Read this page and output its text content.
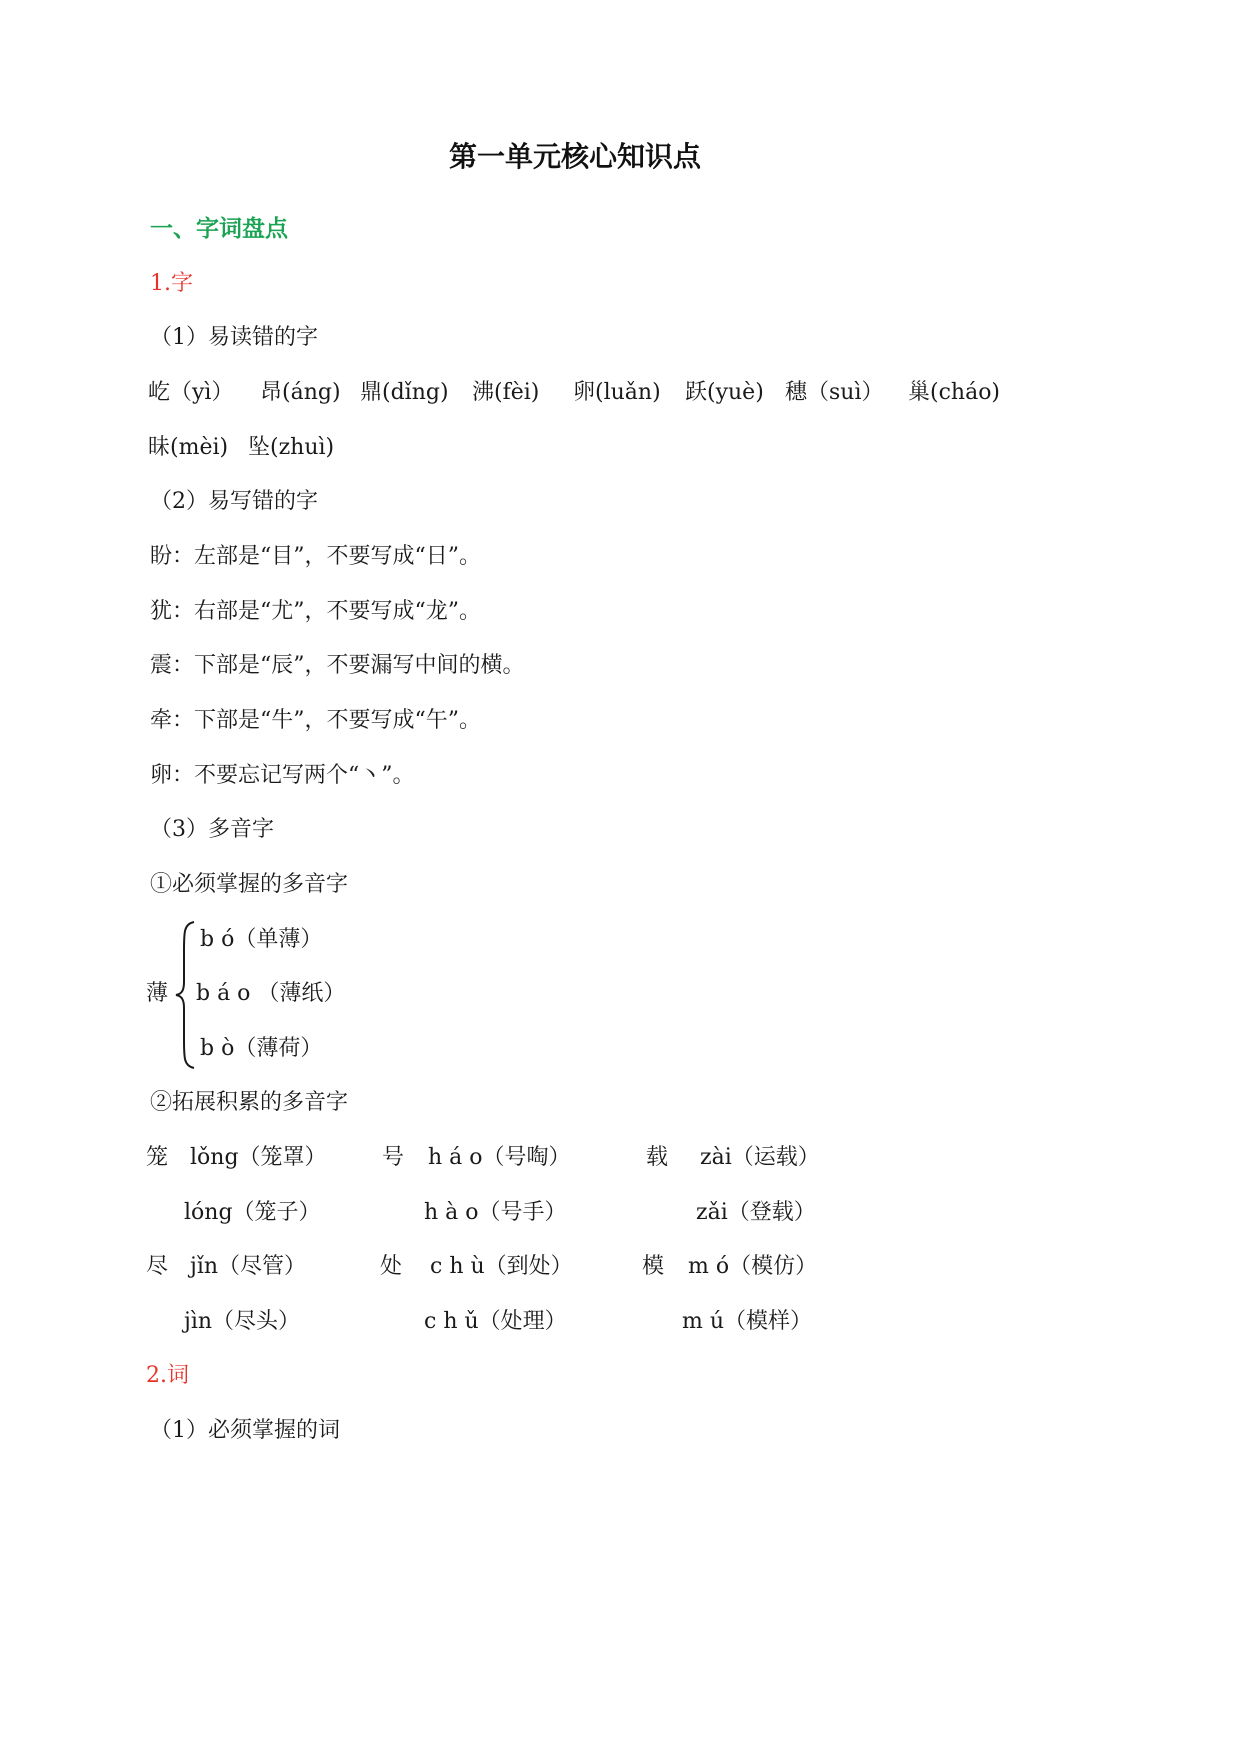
第一单元核心知识点
一、字词盘点
1.字
（1）易读错的字
屹（yì） 昂(áng) 鼎(dǐng) 沸(fèi) 卵(luǎn) 跃(yuè) 穗（suì） 巢(cháo)
昧(mèi) 坠(zhuì)
（2）易写错的字
盼：左部是“目”，不要写成“日”。
犹：右部是“尤”，不要写成“龙”。
震：下部是“辰”，不要漏写中间的横。
牵：下部是“牛”，不要写成“午”。
卵：不要忘记写两个“丶”。
（3）多音字
①必须掌握的多音字
薄
b ó（单薄）
b á o （薄纸）
b ò（薄荷）
②拓展积累的多音字
笼 lǒng（笼罩）
lóng（笼子）
号 h á o（号啕）
h à o（号手）
载 zài（运载）
zǎi（登载）
尽 jǐn（尽管）
jìn（尽头）
处 c h ù（到处）
c h ǔ（处理）
模 m ó（模仿）
m ú（模样）
2.词
（1）必须掌握的词
